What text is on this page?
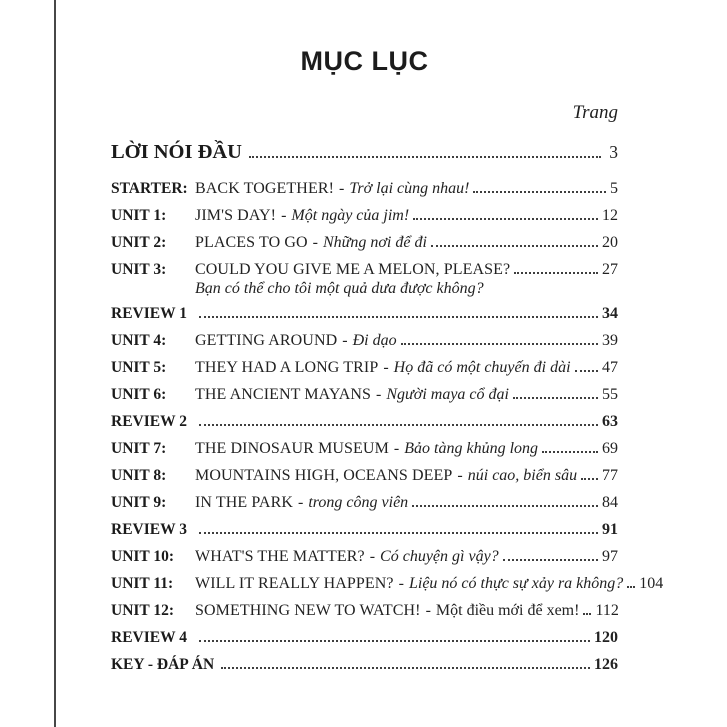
MỤC LỤC
Trang
LỜI NÓI ĐẦU	3
STARTER: BACK TOGETHER! - Trở lại cùng nhau!	5
UNIT 1:	JIM'S DAY! - Một ngày của jim!	12
UNIT 2:	PLACES TO GO - Những nơi để đi	20
UNIT 3:	COULD YOU GIVE ME A MELON, PLEASE?	27
Bạn có thể cho tôi một quả dưa được không?
REVIEW 1	34
UNIT 4:	GETTING AROUND - Đi dạo	39
UNIT 5:	THEY HAD A LONG TRIP - Họ đã có một chuyến đi dài 47
UNIT 6:	THE ANCIENT MAYANS - Người maya cổ đại	55
REVIEW 2	63
UNIT 7:	THE DINOSAUR MUSEUM - Bảo tàng khủng long	69
UNIT 8:	MOUNTAINS HIGH, OCEANS DEEP - núi cao, biển sâu 77
UNIT 9:	IN THE PARK - trong công viên	84
REVIEW 3	91
UNIT 10:	WHAT'S THE MATTER? - Có chuyện gì vậy?	97
UNIT 11:	WILL IT REALLY HAPPEN? - Liệu nó có thực sự xảy ra không? 104
UNIT 12:	SOMETHING NEW TO WATCH! - Một điều mới để xem! 112
REVIEW 4	120
KEY - ĐÁP ÁN	126
